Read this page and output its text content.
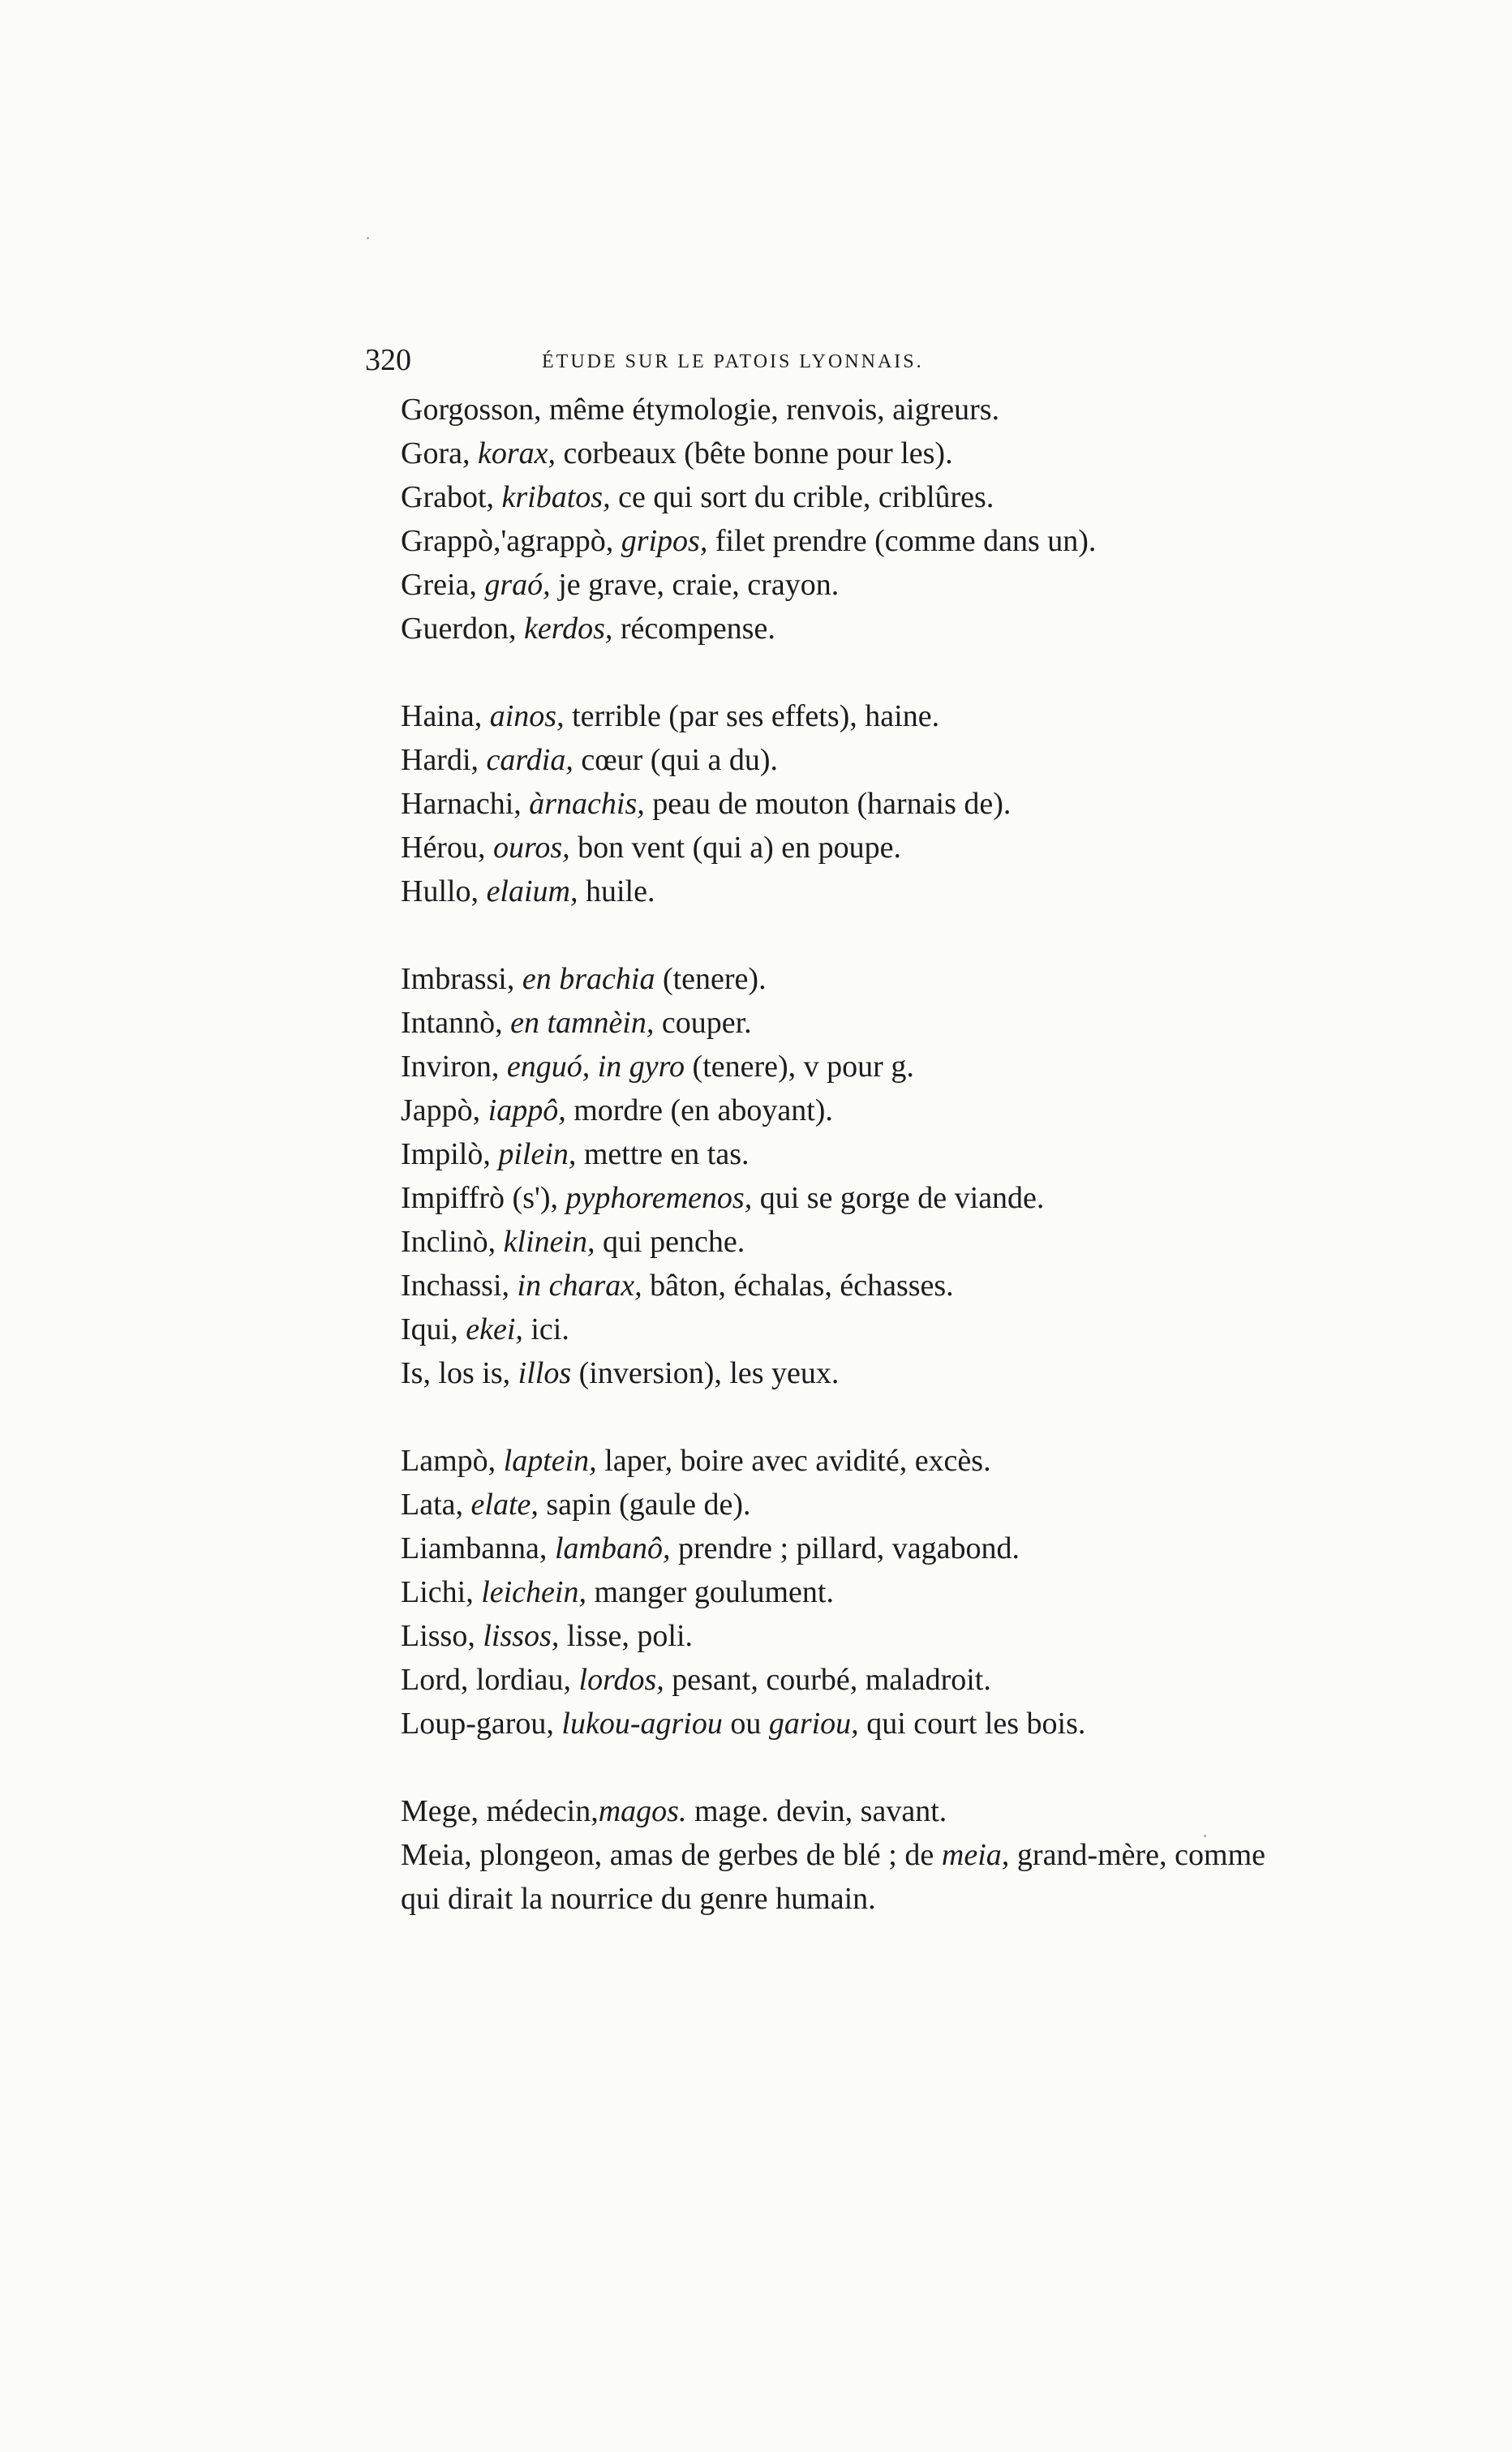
320	ÉTUDE SUR LE PATOIS LYONNAIS.
Gorgosson, même étymologie, renvois, aigreurs.
Gora, korax, corbeaux (bête bonne pour les).
Grabot, kribatos, ce qui sort du crible, criblûres.
Grappò,'agrappò, gripos, filet prendre (comme dans un).
Greia, graó, je grave, craie, crayon.
Guerdon, kerdos, récompense.
Haina, ainos, terrible (par ses effets), haine.
Hardi, cardia, cœur (qui a du).
Harnachi, àrnachis, peau de mouton (harnais de).
Hérou, ouros, bon vent (qui a) en poupe.
Hullo, elaium, huile.
Imbrassi, en brachia (tenere).
Intannò, en tamnèin, couper.
Inviron, enguó, in gyro (tenere), v pour g.
Jappò, iappô, mordre (en aboyant).
Impilò, pilein, mettre en tas.
Impiffrò (s'), pyphoremenos, qui se gorge de viande.
Inclinò, klinein, qui penche.
Inchassi, in charax, bâton, échalas, échasses.
Iqui, ekei, ici.
Is, los is, illos (inversion), les yeux.
Lampò, laptein, laper, boire avec avidité, excès.
Lata, elate, sapin (gaule de).
Liambanna, lambanô, prendre ; pillard, vagabond.
Lichi, leichein, manger goulument.
Lisso, lissos, lisse, poli.
Lord, lordiau, lordos, pesant, courbé, maladroit.
Loup-garou, lukou-agriou ou gariou, qui court les bois.
Mege, médecin,magos. mage. devin, savant.
Meia, plongeon, amas de gerbes de blé ; de meia, grand-mère, comme qui dirait la nourrice du genre humain.
